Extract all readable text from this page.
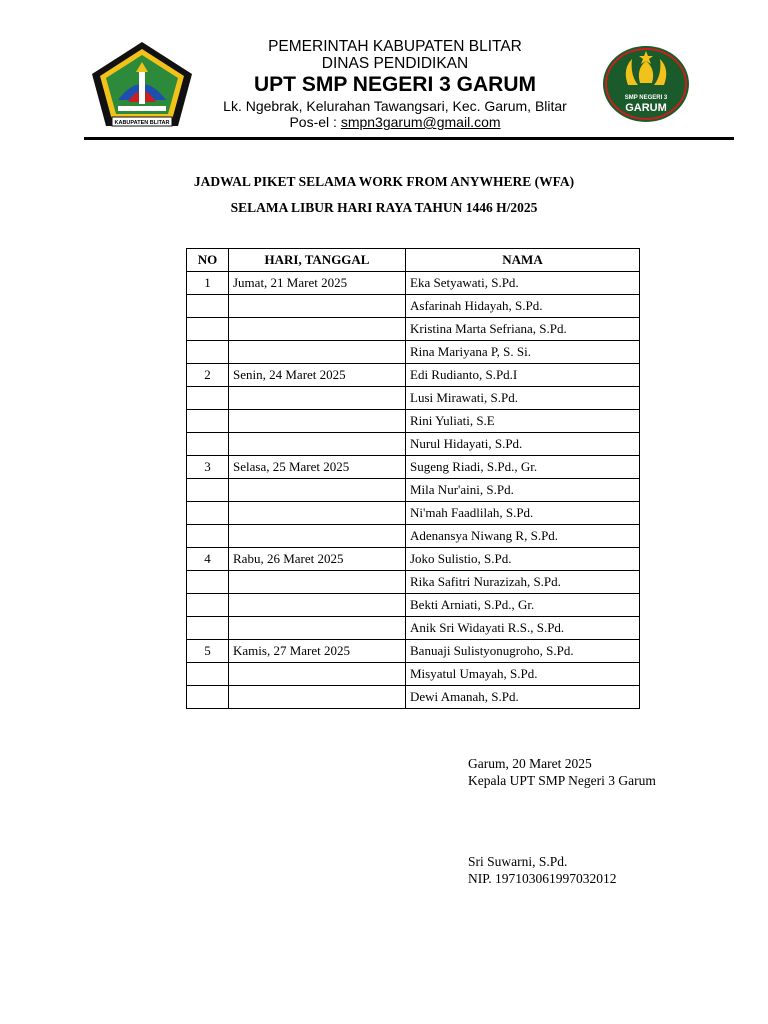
KABUPATEN BLITAR
SMP NEGERI 3
GARUM
PEMERINTAH KABUPATEN BLITAR
DINAS PENDIDIKAN
UPT SMP NEGERI 3 GARUM
Lk. Ngebrak, Kelurahan Tawangsari, Kec. Garum, Blitar
Pos-el : smpn3garum@gmail.com
JADWAL PIKET SELAMA WORK FROM ANYWHERE (WFA)
SELAMA LIBUR HARI RAYA TAHUN 1446 H/2025
NO	HARI, TANGGAL	NAMA
1	Jumat, 21 Maret 2025	Eka Setyawati, S.Pd.
		Asfarinah Hidayah, S.Pd.
		Kristina Marta Sefriana, S.Pd.
		Rina Mariyana P, S. Si.
2	Senin, 24 Maret 2025	Edi Rudianto, S.Pd.I
		Lusi Mirawati, S.Pd.
		Rini Yuliati, S.E
		Nurul Hidayati, S.Pd.
3	Selasa, 25 Maret 2025	Sugeng Riadi, S.Pd., Gr.
		Mila Nur'aini, S.Pd.
		Ni'mah Faadlilah, S.Pd.
		Adenansya Niwang R, S.Pd.
4	Rabu, 26 Maret 2025	Joko Sulistio, S.Pd.
		Rika Safitri Nurazizah, S.Pd.
		Bekti Arniati, S.Pd., Gr.
		Anik Sri Widayati R.S., S.Pd.
5	Kamis, 27 Maret 2025	Banuaji Sulistyonugroho, S.Pd.
		Misyatul Umayah, S.Pd.
		Dewi Amanah, S.Pd.
Garum, 20 Maret 2025
Kepala UPT SMP Negeri 3 Garum
Sri Suwarni, S.Pd.
NIP. 197103061997032012
